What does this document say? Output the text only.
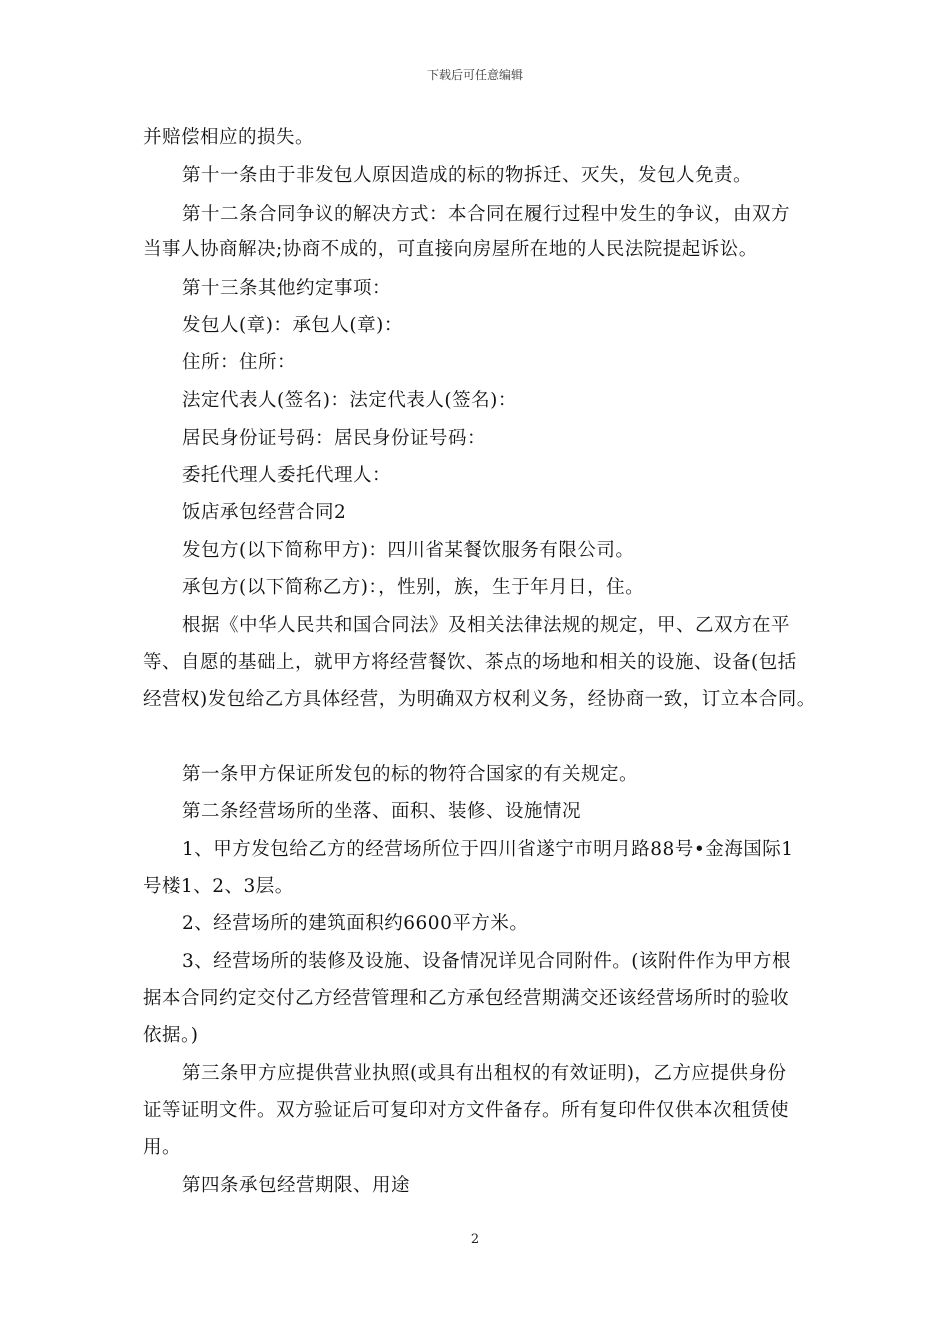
下载后可任意编辑
并赔偿相应的损失。
第十一条由于非发包人原因造成的标的物拆迁、灭失，发包人免责。
第十二条合同争议的解决方式：本合同在履行过程中发生的争议，由双方
当事人协商解决;协商不成的，可直接向房屋所在地的人民法院提起诉讼。
第十三条其他约定事项：
发包人(章)：承包人(章)：
住所：住所：
法定代表人(签名)：法定代表人(签名)：
居民身份证号码：居民身份证号码：
委托代理人委托代理人：
饭店承包经营合同2
发包方(以下简称甲方)：四川省某餐饮服务有限公司。
承包方(以下简称乙方)：，性别，族，生于年月日，住。
根据《中华人民共和国合同法》及相关法律法规的规定，甲、乙双方在平
等、自愿的基础上，就甲方将经营餐饮、茶点的场地和相关的设施、设备(包括
经营权)发包给乙方具体经营，为明确双方权利义务，经协商一致，订立本合同。
第一条甲方保证所发包的标的物符合国家的有关规定。
第二条经营场所的坐落、面积、装修、设施情况
1、甲方发包给乙方的经营场所位于四川省遂宁市明月路88号•金海国际1
号楼1、2、3层。
2、经营场所的建筑面积约6600平方米。
3、经营场所的装修及设施、设备情况详见合同附件。(该附件作为甲方根
据本合同约定交付乙方经营管理和乙方承包经营期满交还该经营场所时的验收
依据。)
第三条甲方应提供营业执照(或具有出租权的有效证明)，乙方应提供身份
证等证明文件。双方验证后可复印对方文件备存。所有复印件仅供本次租赁使
用。
第四条承包经营期限、用途
2
